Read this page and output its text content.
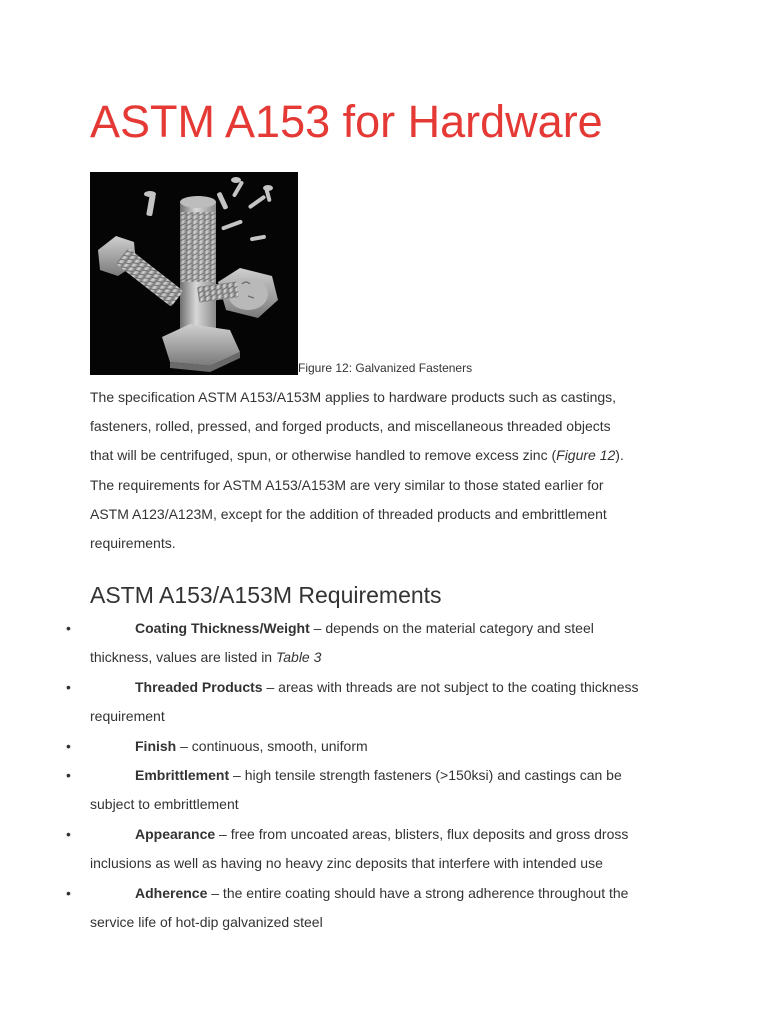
ASTM A153 for Hardware
Figure 12: Galvanized Fasteners
The specification ASTM A153/A153M applies to hardware products such as castings,
fasteners, rolled, pressed, and forged products, and miscellaneous threaded objects
that will be centrifuged, spun, or otherwise handled to remove excess zinc (Figure 12).
The requirements for ASTM A153/A153M are very similar to those stated earlier for
ASTM A123/A123M, except for the addition of threaded products and embrittlement
requirements.
ASTM A153/A153M Requirements
•	Coating Thickness/Weight – depends on the material category and steel
thickness, values are listed in Table 3
•	Threaded Products – areas with threads are not subject to the coating thickness
requirement
•	Finish – continuous, smooth, uniform
•	Embrittlement – high tensile strength fasteners (>150ksi) and castings can be
subject to embrittlement
•	Appearance – free from uncoated areas, blisters, flux deposits and gross dross
inclusions as well as having no heavy zinc deposits that interfere with intended use
•	Adherence – the entire coating should have a strong adherence throughout the
service life of hot-dip galvanized steel
